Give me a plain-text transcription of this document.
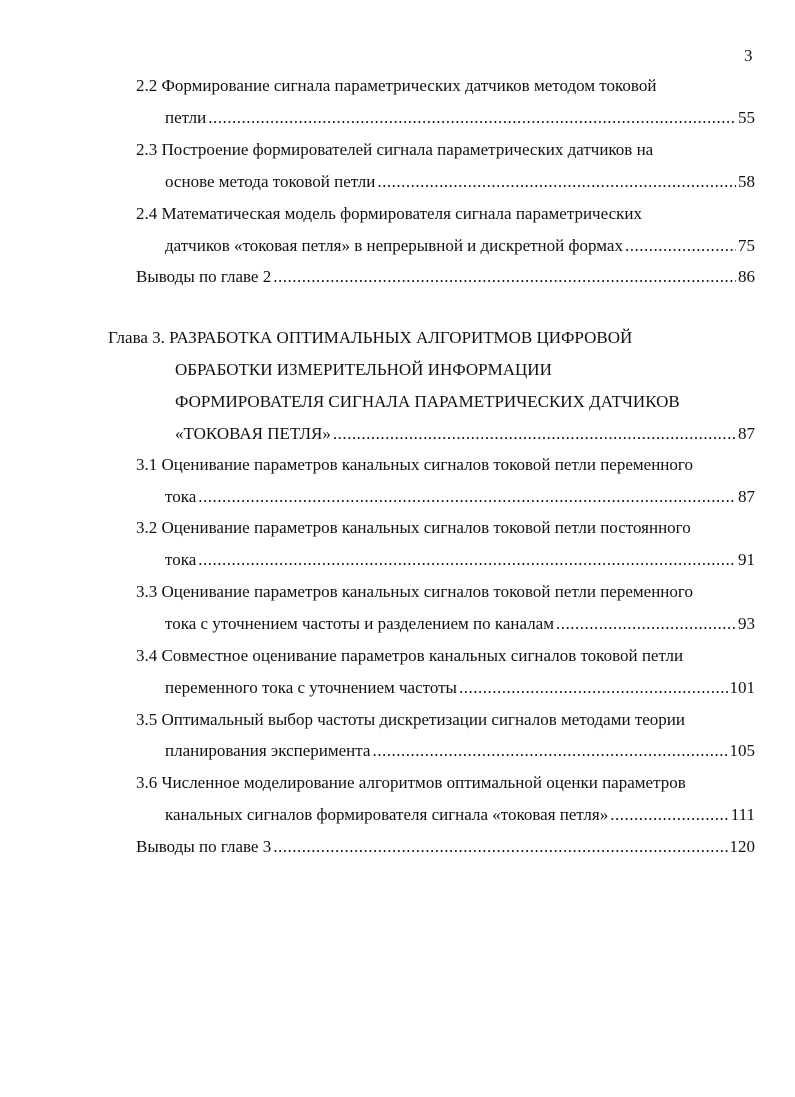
3
2.2 Формирование сигнала параметрических датчиков методом токовой
петли .....	55
2.3 Построение формирователей сигнала параметрических датчиков на
основе метода токовой петли .....	58
2.4 Математическая модель формирователя сигнала параметрических
датчиков «токовая петля» в непрерывной и дискретной формах .....	75
Выводы по главе 2 .....	86
Глава 3. РАЗРАБОТКА ОПТИМАЛЬНЫХ АЛГОРИТМОВ ЦИФРОВОЙ
ОБРАБОТКИ ИЗМЕРИТЕЛЬНОЙ ИНФОРМАЦИИ
ФОРМИРОВАТЕЛЯ СИГНАЛА ПАРАМЕТРИЧЕСКИХ ДАТЧИКОВ
«ТОКОВАЯ ПЕТЛЯ» .....	87
3.1 Оценивание параметров канальных сигналов токовой петли переменного
тока .....	87
3.2 Оценивание параметров канальных сигналов токовой петли постоянного
тока .....	91
3.3 Оценивание параметров канальных сигналов токовой петли переменного
тока с уточнением частоты и разделением по каналам .....	93
3.4 Совместное оценивание параметров канальных сигналов токовой петли
переменного тока с уточнением частоты .....	101
3.5 Оптимальный выбор частоты дискретизации сигналов методами теории
планирования эксперимента .....	105
3.6 Численное моделирование алгоритмов оптимальной оценки параметров
канальных сигналов формирователя сигнала «токовая петля» .....	111
Выводы по главе 3 .....	120
